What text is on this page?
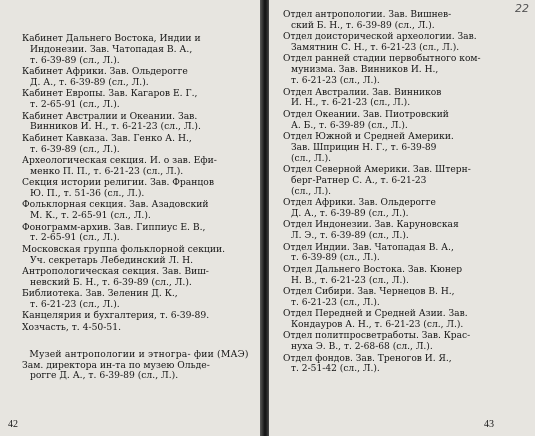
Кабинет Дальнего Востока, Индии и
Индонезии. Зав. Чатопадая В. А.,
т. 6-39-89 (сл., Л.).
Кабинет Африки. Зав. Ольдерогге
Д. А., т. 6-39-89 (сл., Л.).
Кабинет Европы. Зав. Кагаров Е. Г.,
т. 2-65-91 (сл., Л.).
Кабинет Австралии и Океании. Зав.
Винников И. Н., т. 6-21-23 (сл., Л.).
Кабинет Кавказа. Зав. Генко А. Н.,
т. 6-39-89 (сл., Л.).
Археологическая секция. И. о зав. Ефи-
менко П. П., т. 6-21-23 (сл., Л.).
Секция истории религии. Зав. Францов
Ю. П., т. 51-36 (сл., Л.).
Фольклорная секция. Зав. Азадовский
М. К., т. 2-65-91 (сл., Л.).
Фонограмм-архив. Зав. Гиппиус Е. В.,
т. 2-65-91 (сл., Л.).
Московская группа фольклорной секции.
Уч. секретарь Лебединский Л. Н.
Антропологическая секция. Зав. Виш-
невский Б. Н., т. 6-39-89 (сл., Л.).
Библиотека. Зав. Зеленин Д. К.,
т. 6-21-23 (сл., Л.).
Канцелярия и бухгалтерия, т. 6-39-89.
Хозчасть, т. 4-50-51.
Музей антропологии и этногра- фии (МАЭ)
Зам. директора ин-та по музею Ольде-
рогге Д. А., т. 6-39-89 (сл., Л.).
42
22
Отдел антропологии. Зав. Вишнев-
ский Б. Н., т. 6-39-89 (сл., Л.).
Отдел доисторической археологии. Зав.
Замятнин С. Н., т. 6-21-23 (сл., Л.).
Отдел ранней стадии первобытного ком-
мунизма. Зав. Винников И. Н.,
т. 6-21-23 (сл., Л.).
Отдел Австралии. Зав. Винников
И. Н., т. 6-21-23 (сл., Л.).
Отдел Океании. Зав. Пиотровский
А. Б., т. 6-39-89 (сл., Л.).
Отдел Южной и Средней Америки.
Зав. Шприцин Н. Г., т. 6-39-89
(сл., Л.).
Отдел Северной Америки. Зав. Штерн-
берг-Ратнер С. А., т. 6-21-23
(сл., Л.).
Отдел Африки. Зав. Ольдерогге
Д. А., т. 6-39-89 (сл., Л.).
Отдел Индонезии. Зав. Каруновская
Л. Э., т. 6-39-89 (сл., Л.).
Отдел Индии. Зав. Чатопадая В. А.,
т. 6-39-89 (сл., Л.).
Отдел Дальнего Востока. Зав. Кюнер
Н. В., т. 6-21-23 (сл., Л.).
Отдел Сибири. Зав. Чернецов В. Н.,
т. 6-21-23 (сл., Л.).
Отдел Передней и Средней Азии. Зав.
Кондауров А. Н., т. 6-21-23 (сл., Л.).
Отдел политпросветработы. Зав. Крас-
нуха Э. В., т. 2-68-68 (сл., Л.).
Отдел фондов. Зав. Треногов И. Я.,
т. 2-51-42 (сл., Л.).
43
